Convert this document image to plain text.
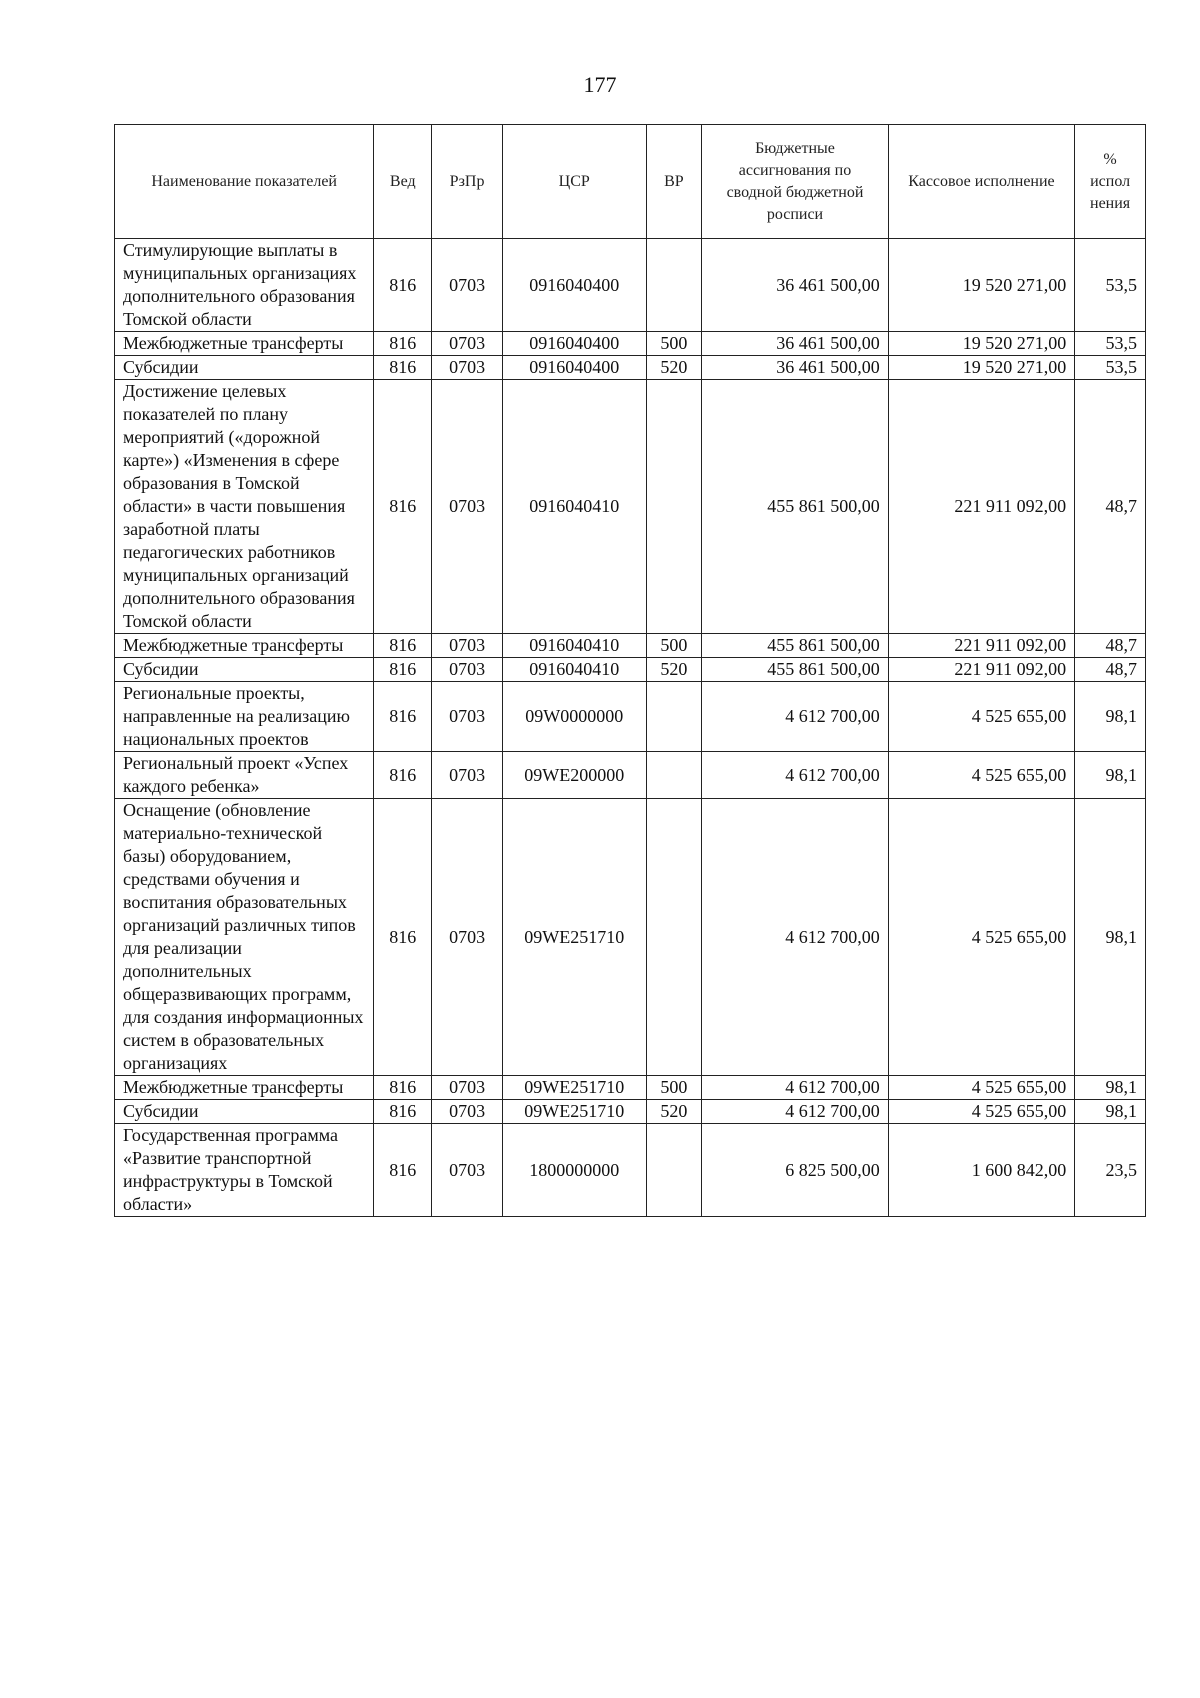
177
Наименование показателей	Вед	РзПр	ЦСР	ВР	Бюджетные ассигнования по сводной бюджетной росписи	Кассовое исполнение	% испол нения
Стимулирующие выплаты в муниципальных организациях дополнительного образования Томской области	816	0703	0916040400		36 461 500,00	19 520 271,00	53,5
Межбюджетные трансферты	816	0703	0916040400	500	36 461 500,00	19 520 271,00	53,5
Субсидии	816	0703	0916040400	520	36 461 500,00	19 520 271,00	53,5
Достижение целевых показателей по плану мероприятий («дорожной карте») «Изменения в сфере образования в Томской области» в части повышения заработной платы педагогических работников муниципальных организаций дополнительного образования Томской области	816	0703	0916040410		455 861 500,00	221 911 092,00	48,7
Межбюджетные трансферты	816	0703	0916040410	500	455 861 500,00	221 911 092,00	48,7
Субсидии	816	0703	0916040410	520	455 861 500,00	221 911 092,00	48,7
Региональные проекты, направленные на реализацию национальных проектов	816	0703	09W0000000		4 612 700,00	4 525 655,00	98,1
Региональный проект «Успех каждого ребенка»	816	0703	09WE200000		4 612 700,00	4 525 655,00	98,1
Оснащение (обновление материально-технической базы) оборудованием, средствами обучения и воспитания образовательных организаций различных типов для реализации дополнительных общеразвивающих программ, для создания информационных систем в образовательных организациях	816	0703	09WE251710		4 612 700,00	4 525 655,00	98,1
Межбюджетные трансферты	816	0703	09WE251710	500	4 612 700,00	4 525 655,00	98,1
Субсидии	816	0703	09WE251710	520	4 612 700,00	4 525 655,00	98,1
Государственная программа «Развитие транспортной инфраструктуры в Томской области»	816	0703	1800000000		6 825 500,00	1 600 842,00	23,5
